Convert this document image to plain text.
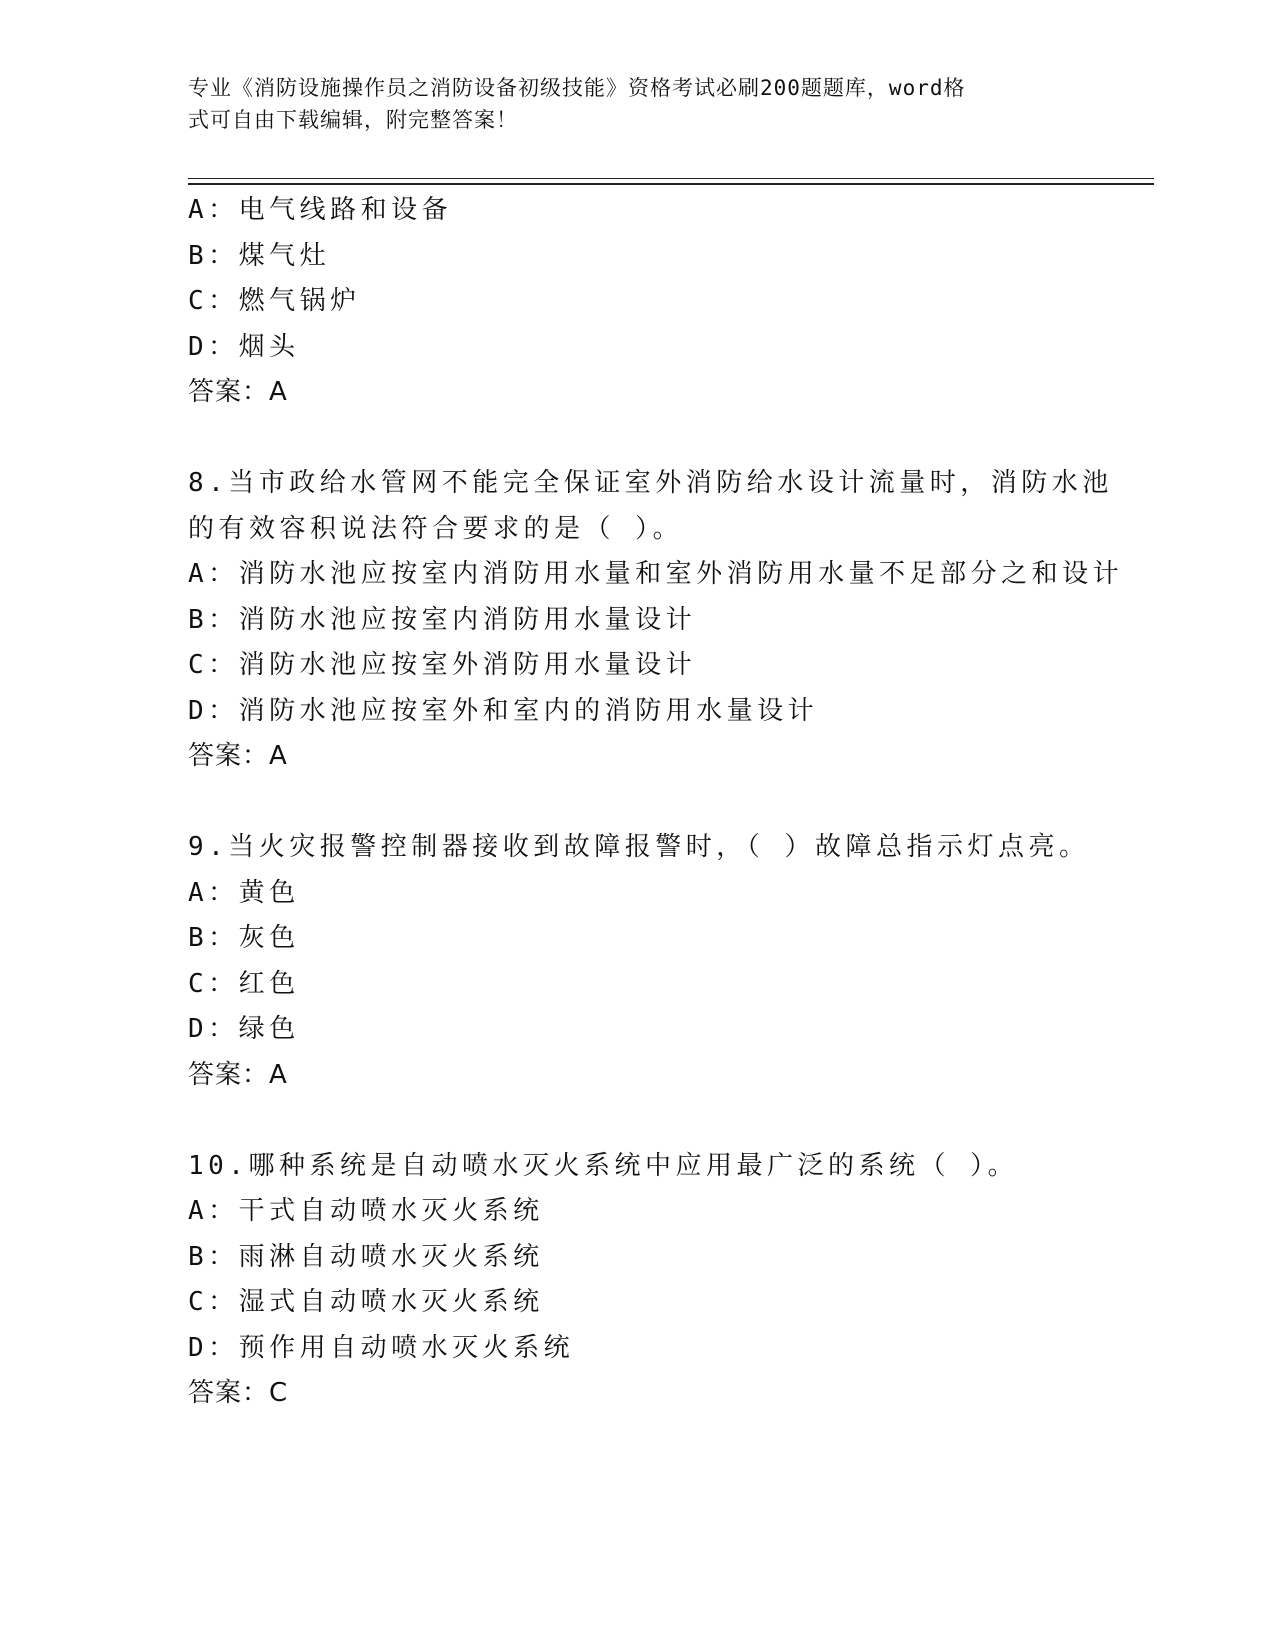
专业《消防设施操作员之消防设备初级技能》资格考试必刷200题题库，word格
式可自由下载编辑，附完整答案！
A：电气线路和设备
B：煤气灶
C：燃气锅炉
D：烟头
答案：A
8.当市政给水管网不能完全保证室外消防给水设计流量时，消防水池
的有效容积说法符合要求的是（ ）。
A：消防水池应按室内消防用水量和室外消防用水量不足部分之和设计
B：消防水池应按室内消防用水量设计
C：消防水池应按室外消防用水量设计
D：消防水池应按室外和室内的消防用水量设计
答案：A
9.当火灾报警控制器接收到故障报警时，（ ）故障总指示灯点亮。
A：黄色
B：灰色
C：红色
D：绿色
答案：A
10.哪种系统是自动喷水灭火系统中应用最广泛的系统（ ）。
A：干式自动喷水灭火系统
B：雨淋自动喷水灭火系统
C：湿式自动喷水灭火系统
D：预作用自动喷水灭火系统
答案：C
